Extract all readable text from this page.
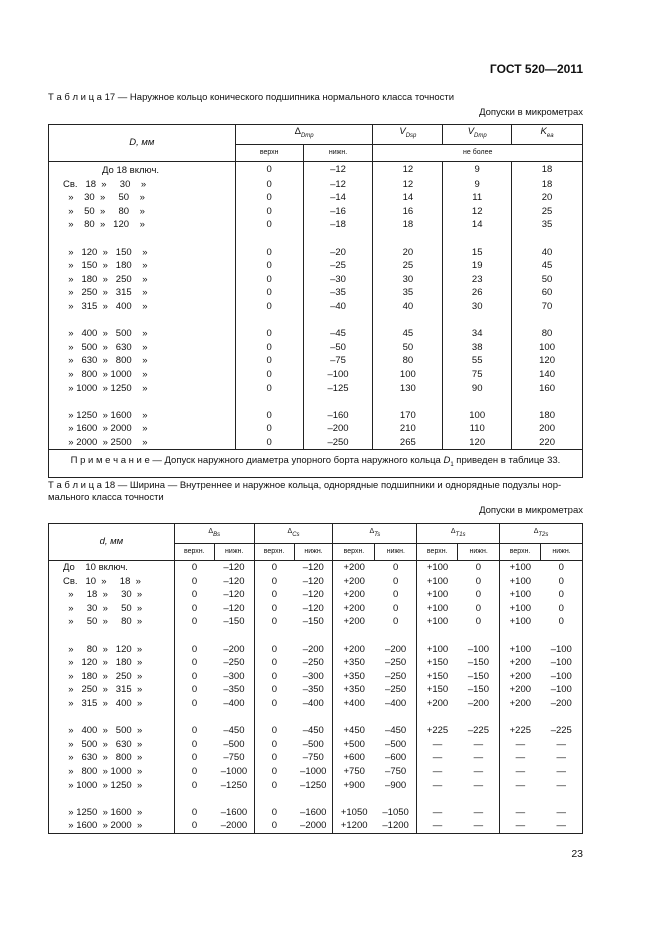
ГОСТ 520—2011
Т а б л и ц а 17 — Наружное кольцо конического подшипника нормального класса точности
Допуски в микрометрах
D, мм	$\Delta_{Dmp}$		$V_{Dsp}$	$V_{Dmp}$	$K_{ea}$
	верхн	нижн.	не более		
До 18 включ.	0	–12	12	9	18
Св.   18  »     30    »	0	–12	12	9	18
»    30  »     50    »	0	–14	14	11	20
»    50  »     80    »	0	–16	16	12	25
»    80  »   120    »	0	–18	18	14	35

»   120  »   150    »	0	–20	20	15	40
»   150  »   180    »	0	–25	25	19	45
»   180  »   250    »	0	–30	30	23	50
»   250  »   315    »	0	–35	35	26	60
»   315  »   400    »	0	–40	40	30	70

»   400  »   500    »	0	–45	45	34	80
»   500  »   630    »	0	–50	50	38	100
»   630  »   800    »	0	–75	80	55	120
»   800  » 1000    »	0	–100	100	75	140
» 1000  » 1250    »	0	–125	130	90	160

» 1250  » 1600    »	0	–160	170	100	180
» 1600  » 2000    »	0	–200	210	110	200
» 2000  » 2500    »	0	–250	265	120	220
П р и м е ч а н и е — Допуск наружного диаметра упорного борта наружного кольца $D_1$ приведен в таблице 33.					
Т а б л и ц а 18 — Ширина — Внутреннее и наружное кольца, однорядные подшипники и однорядные подузлы нор-
мального класса точности
Допуски в микрометрах
d, мм	$\Delta_{Bs}$		$\Delta_{Cs}$		$\Delta_{Ts}$		$\Delta_{T1s}$		$\Delta_{T2s}$
	верхн.	нижн.	верхн.	нижн.	верхн.	нижн.	верхн.	нижн.	верхн.	нижн.
До    10 включ.	0	–120	0	–120	+200	0	+100	0	+100	0
Св.   10  »     18  »	0	–120	0	–120	+200	0	+100	0	+100	0
»     18  »     30  »	0	–120	0	–120	+200	0	+100	0	+100	0
»     30  »     50  »	0	–120	0	–120	+200	0	+100	0	+100	0
»     50  »     80  »	0	–150	0	–150	+200	0	+100	0	+100	0

»     80  »   120  »	0	–200	0	–200	+200	–200	+100	–100	+100	–100
»   120  »   180  »	0	–250	0	–250	+350	–250	+150	–150	+200	–100
»   180  »   250  »	0	–300	0	–300	+350	–250	+150	–150	+200	–100
»   250  »   315  »	0	–350	0	–350	+350	–250	+150	–150	+200	–100
»   315  »   400  »	0	–400	0	–400	+400	–400	+200	–200	+200	–200

»   400  »   500  »	0	–450	0	–450	+450	–450	+225	–225	+225	–225
»   500  »   630  »	0	–500	0	–500	+500	–500	—	—	—	—
»   630  »   800  »	0	–750	0	–750	+600	–600	—	—	—	—
»   800  » 1000  »	0	–1000	0	–1000	+750	–750	—	—	—	—
» 1000  » 1250  »	0	–1250	0	–1250	+900	–900	—	—	—	—

» 1250  » 1600  »	0	–1600	0	–1600	+1050	–1050	—	—	—	—
» 1600  » 2000  »	0	–2000	0	–2000	+1200	–1200	—	—	—	—
23
